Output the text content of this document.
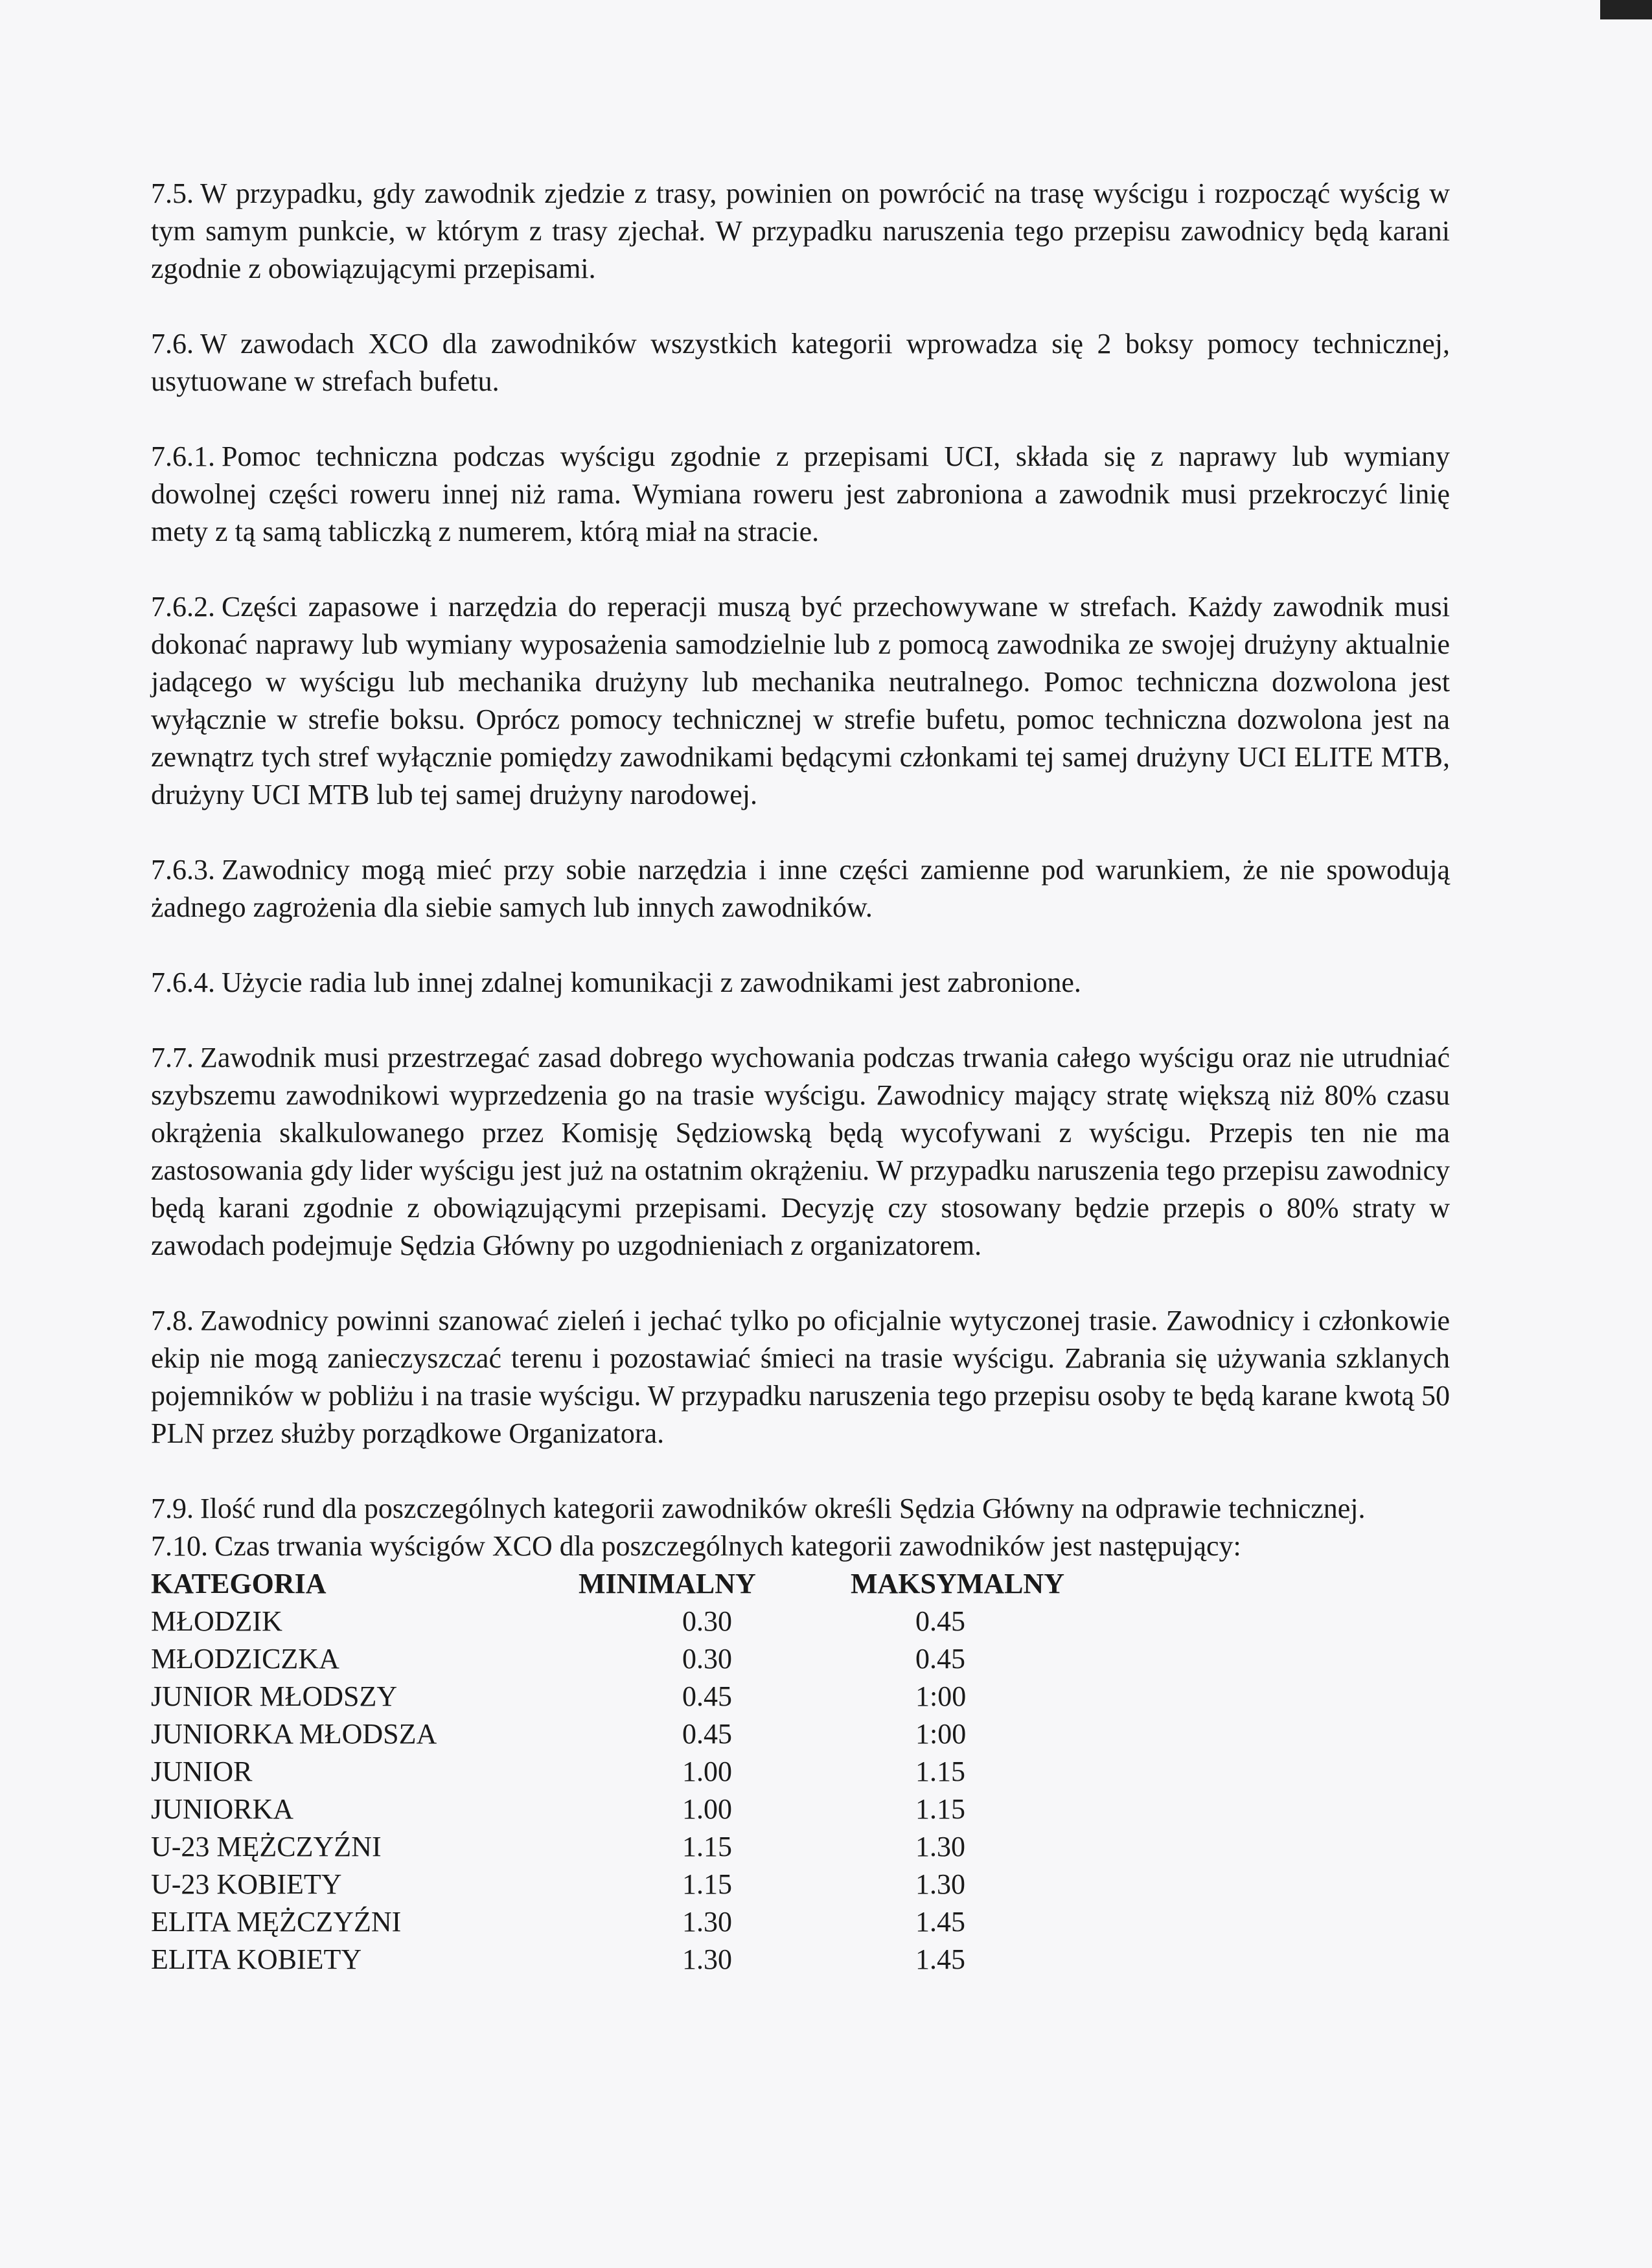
7.5. W przypadku, gdy zawodnik zjedzie z trasy, powinien on powrócić na trasę wyścigu i rozpocząć wyścig w tym samym punkcie, w którym z trasy zjechał. W przypadku naruszenia tego przepisu zawodnicy będą karani zgodnie z obowiązującymi przepisami.

7.6. W zawodach XCO dla zawodników wszystkich kategorii wprowadza się 2 boksy pomocy technicznej, usytuowane w strefach bufetu.

7.6.1. Pomoc techniczna podczas wyścigu zgodnie z przepisami UCI, składa się z naprawy lub wymiany dowolnej części roweru innej niż rama. Wymiana roweru jest zabroniona a zawodnik musi przekroczyć linię mety z tą samą tabliczką z numerem, którą miał na stracie.

7.6.2. Części zapasowe i narzędzia do reperacji muszą być przechowywane w strefach. Każdy zawodnik musi dokonać naprawy lub wymiany wyposażenia samodzielnie lub z pomocą zawodnika ze swojej drużyny aktualnie jadącego w wyścigu lub mechanika drużyny lub mechanika neutralnego. Pomoc techniczna dozwolona jest wyłącznie w strefie boksu. Oprócz pomocy technicznej w strefie bufetu, pomoc techniczna dozwolona jest na zewnątrz tych stref wyłącznie pomiędzy zawodnikami będącymi członkami tej samej drużyny UCI ELITE MTB, drużyny UCI MTB lub tej samej drużyny narodowej.

7.6.3. Zawodnicy mogą mieć przy sobie narzędzia i inne części zamienne pod warunkiem, że nie spowodują żadnego zagrożenia dla siebie samych lub innych zawodników.

7.6.4. Użycie radia lub innej zdalnej komunikacji z zawodnikami jest zabronione.

7.7. Zawodnik musi przestrzegać zasad dobrego wychowania podczas trwania całego wyścigu oraz nie utrudniać szybszemu zawodnikowi wyprzedzenia go na trasie wyścigu. Zawodnicy mający stratę większą niż 80% czasu okrążenia skalkulowanego przez Komisję Sędziowską będą wycofywani z wyścigu. Przepis ten nie ma zastosowania gdy lider wyścigu jest już na ostatnim okrążeniu. W przypadku naruszenia tego przepisu zawodnicy będą karani zgodnie z obowiązującymi przepisami. Decyzję czy stosowany będzie przepis o 80% straty w zawodach podejmuje Sędzia Główny po uzgodnieniach z organizatorem.

7.8. Zawodnicy powinni szanować zieleń i jechać tylko po oficjalnie wytyczonej trasie. Zawodnicy i członkowie ekip nie mogą zanieczyszczać terenu i pozostawiać śmieci na trasie wyścigu. Zabrania się używania szklanych pojemników w pobliżu i na trasie wyścigu. W przypadku naruszenia tego przepisu osoby te będą karane kwotą 50 PLN przez służby porządkowe Organizatora.

7.9. Ilość rund dla poszczególnych kategorii zawodników określi Sędzia Główny na odprawie technicznej.

7.10. Czas trwania wyścigów XCO dla poszczególnych kategorii zawodników jest następujący:

KATEGORIA	MINIMALNY	MAKSYMALNY
MŁODZIK	0.30	0.45
MŁODZICZKA	0.30	0.45
JUNIOR MŁODSZY	0.45	1:00
JUNIORKA MŁODSZA	0.45	1:00
JUNIOR	1.00	1.15
JUNIORKA	1.00	1.15
U-23 MĘŻCZYŹNI	1.15	1.30
U-23 KOBIETY	1.15	1.30
ELITA MĘŻCZYŹNI	1.30	1.45
ELITA KOBIETY	1.30	1.45
